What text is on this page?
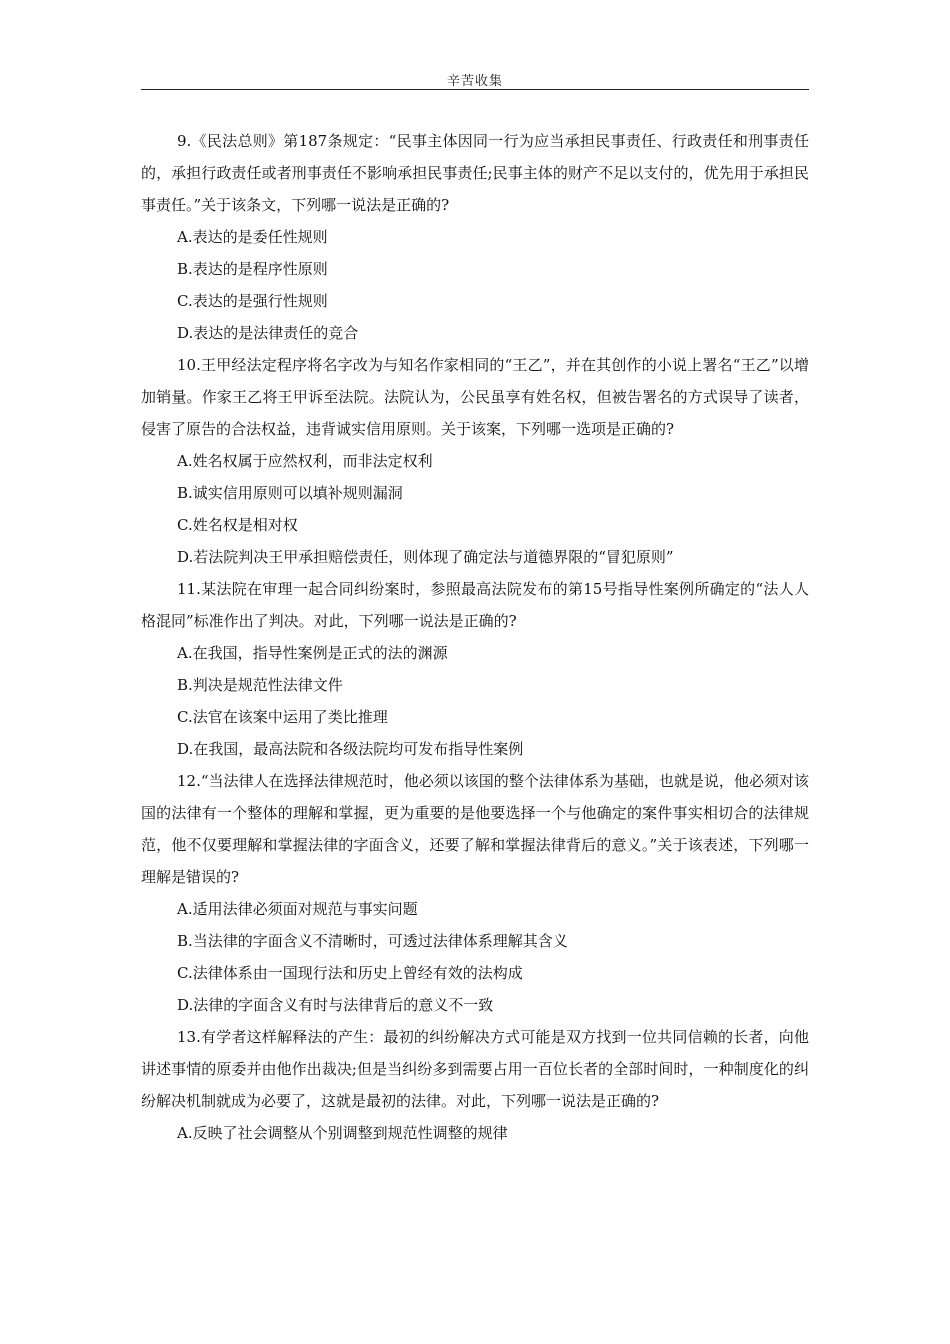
辛苦收集

9.《民法总则》第187条规定：“民事主体因同一行为应当承担民事责任、行政责任和刑事责任的，承担行政责任或者刑事责任不影响承担民事责任;民事主体的财产不足以支付的，优先用于承担民事责任。”关于该条文，下列哪一说法是正确的?

A.表达的是委任性规则

B.表达的是程序性原则

C.表达的是强行性规则

D.表达的是法律责任的竞合

10.王甲经法定程序将名字改为与知名作家相同的“王乙”，并在其创作的小说上署名“王乙”以增加销量。作家王乙将王甲诉至法院。法院认为，公民虽享有姓名权，但被告署名的方式误导了读者，侵害了原告的合法权益，违背诚实信用原则。关于该案，下列哪一选项是正确的?

A.姓名权属于应然权利，而非法定权利

B.诚实信用原则可以填补规则漏洞

C.姓名权是相对权

D.若法院判决王甲承担赔偿责任，则体现了确定法与道德界限的“冒犯原则”

11.某法院在审理一起合同纠纷案时，参照最高法院发布的第15号指导性案例所确定的“法人人格混同”标准作出了判决。对此，下列哪一说法是正确的?

A.在我国，指导性案例是正式的法的渊源

B.判决是规范性法律文件

C.法官在该案中运用了类比推理

D.在我国，最高法院和各级法院均可发布指导性案例

12.“当法律人在选择法律规范时，他必须以该国的整个法律体系为基础，也就是说，他必须对该国的法律有一个整体的理解和掌握，更为重要的是他要选择一个与他确定的案件事实相切合的法律规范，他不仅要理解和掌握法律的字面含义，还要了解和掌握法律背后的意义。”关于该表述，下列哪一理解是错误的?

A.适用法律必须面对规范与事实问题

B.当法律的字面含义不清晰时，可透过法律体系理解其含义

C.法律体系由一国现行法和历史上曾经有效的法构成

D.法律的字面含义有时与法律背后的意义不一致

13.有学者这样解释法的产生：最初的纠纷解决方式可能是双方找到一位共同信赖的长者，向他讲述事情的原委并由他作出裁决;但是当纠纷多到需要占用一百位长者的全部时间时，一种制度化的纠纷解决机制就成为必要了，这就是最初的法律。对此，下列哪一说法是正确的?

A.反映了社会调整从个别调整到规范性调整的规律
